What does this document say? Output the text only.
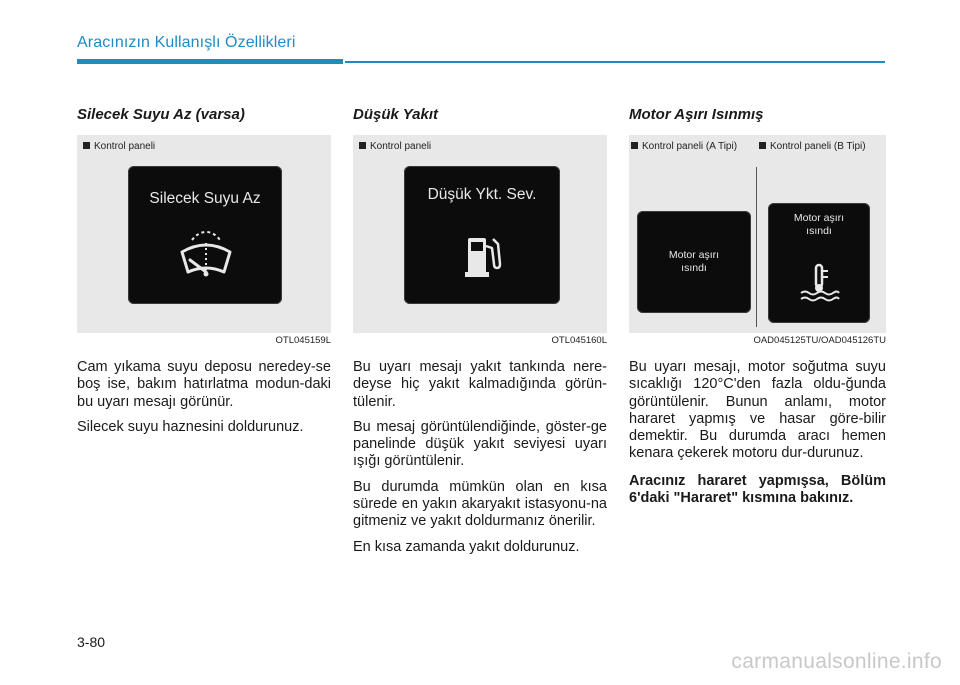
Aracınızın Kullanışlı Özellikleri
Silecek Suyu Az (varsa)
Kontrol paneli
Silecek Suyu Az
OTL045159L

Cam yıkama suyu deposu neredey-se boş ise, bakım hatırlatma modun-daki bu uyarı mesajı görünür.

Silecek suyu haznesini doldurunuz.

Düşük Yakıt
Kontrol paneli
Düşük Ykt. Sev.
OTL045160L

Bu uyarı mesajı yakıt tankında nere-deyse hiç yakıt kalmadığında görün-tülenir.

Bu mesaj görüntülendiğinde, göster-ge panelinde düşük yakıt seviyesi uyarı ışığı görüntülenir.

Bu durumda mümkün olan en kısa sürede en yakın akaryakıt istasyonu-na gitmeniz ve yakıt doldurmanız önerilir.

En kısa zamanda yakıt doldurunuz.

Motor Aşırı Isınmış
Kontrol paneli (A Tipi)	Kontrol paneli (B Tipi)
Motor aşırı
ısındı
Motor aşırı
ısındı
OAD045125TU/OAD045126TU

Bu uyarı mesajı, motor soğutma suyu sıcaklığı 120°C'den fazla oldu-ğunda görüntülenir. Bunun anlamı, motor hararet yapmış ve hasar göre-bilir demektir. Bu durumda aracı hemen kenara çekerek motoru dur-durunuz.

Aracınız hararet yapmışsa, Bölüm 6'daki "Hararet" kısmına bakınız.

3-80
carmanualsonline.info
